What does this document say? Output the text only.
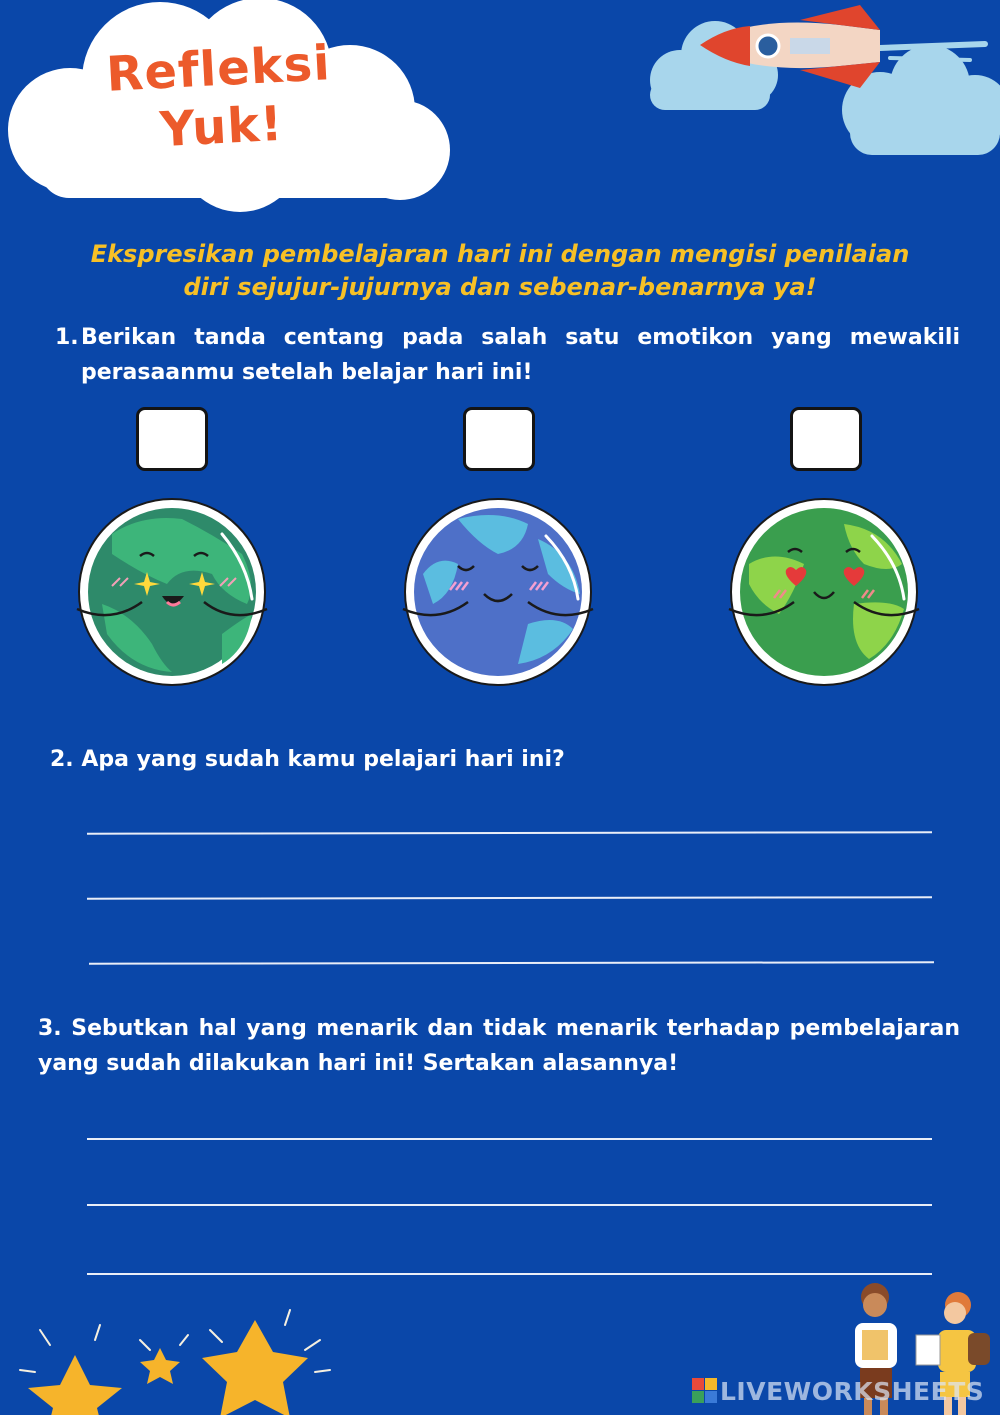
Refleksi
Yuk!
Ekspresikan pembelajaran hari ini dengan mengisi penilaian
diri sejujur-jujurnya dan sebenar-benarnya ya!
1. Berikan tanda centang pada salah satu emotikon yang mewakili perasaanmu setelah belajar hari ini!
2. Apa yang sudah kamu pelajari hari ini?
3. Sebutkan hal yang menarik dan tidak menarik terhadap pembelajaran yang sudah dilakukan hari ini! Sertakan alasannya!
LIVEWORKSHEETS
